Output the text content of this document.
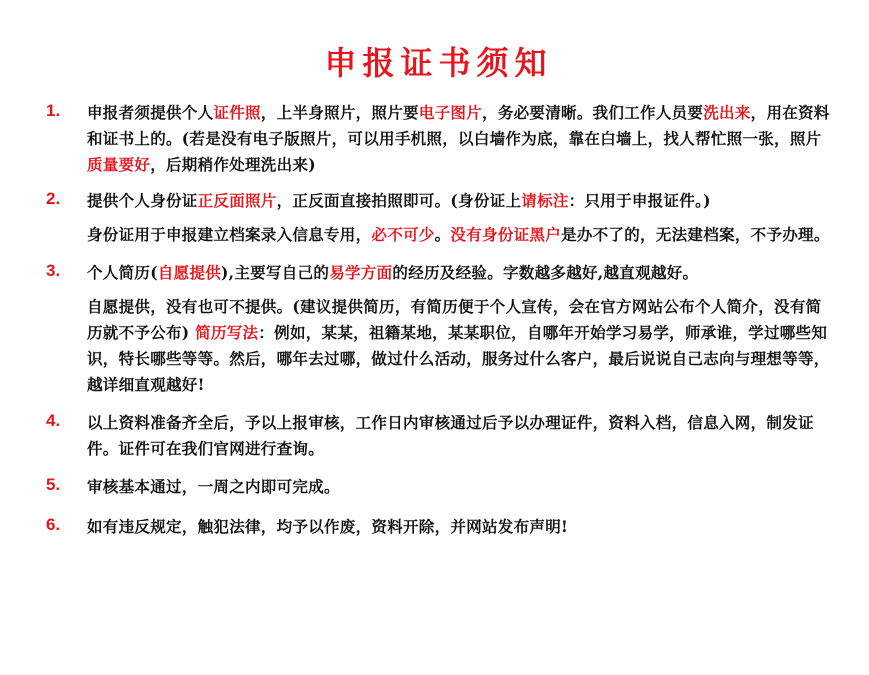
申报证书须知
1. 申报者须提供个人证件照，上半身照片，照片要电子图片，务必要清晰。我们工作人员要洗出来，用在资料和证书上的。(若是没有电子版照片，可以用手机照，以白墙作为底，靠在白墙上，找人帮忙照一张，照片质量要好，后期稍作处理洗出来)

2. 提供个人身份证正反面照片，正反面直接拍照即可。(身份证上请标注：只用于申报证件。)

身份证用于申报建立档案录入信息专用，必不可少。没有身份证黑户是办不了的，无法建档案，不予办理。

3. 个人简历(自愿提供),主要写自己的易学方面的经历及经验。字数越多越好,越直观越好。

自愿提供，没有也可不提供。(建议提供简历，有简历便于个人宣传，会在官方网站公布个人简介，没有简历就不予公布) 简历写法：例如，某某，祖籍某地，某某职位，自哪年开始学习易学，师承谁，学过哪些知识，特长哪些等等。然后，哪年去过哪，做过什么活动，服务过什么客户，最后说说自己志向与理想等等，越详细直观越好!

4. 以上资料准备齐全后，予以上报审核，工作日内审核通过后予以办理证件，资料入档，信息入网，制发证件。证件可在我们官网进行查询。

5. 审核基本通过，一周之内即可完成。

6. 如有违反规定，触犯法律，均予以作废，资料开除，并网站发布声明!
